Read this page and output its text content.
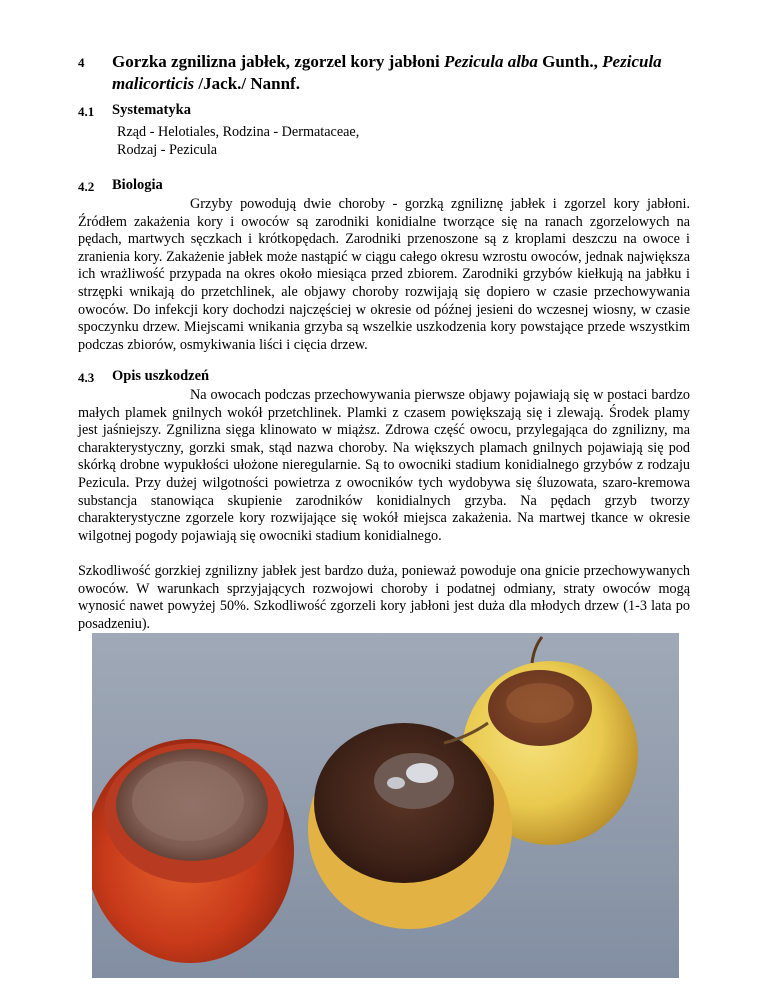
4 Gorzka zgnilizna jabłek, zgorzel kory jabłoni Pezicula alba Gunth., Pezicula malicorticis /Jack./ Nannf.
4.1 Systematyka
Rząd - Helotiales, Rodzina - Dermataceae,
Rodzaj - Pezicula
4.2 Biologia
Grzyby powodują dwie choroby - gorzką zgniliznę jabłek i zgorzel kory jabłoni. Źródłem zakażenia kory i owoców są zarodniki konidialne tworzące się na ranach zgorzelowych na pędach, martwych sęczkach i krótkopędach. Zarodniki przenoszone są z kroplami deszczu na owoce i zranienia kory. Zakażenie jabłek może nastąpić w ciągu całego okresu wzrostu owoców, jednak największa ich wrażliwość przypada na okres około miesiąca przed zbiorem. Zarodniki grzybów kiełkują na jabłku i strzępki wnikają do przetchlinek, ale objawy choroby rozwijają się dopiero w czasie przechowywania owoców. Do infekcji kory dochodzi najczęściej w okresie od późnej jesieni do wczesnej wiosny, w czasie spoczynku drzew. Miejscami wnikania grzyba są wszelkie uszkodzenia kory powstające przede wszystkim podczas zbiorów, osmykiwania liści i cięcia drzew.
4.3 Opis uszkodzeń
Na owocach podczas przechowywania pierwsze objawy pojawiają się w postaci bardzo małych plamek gnilnych wokół przetchlinek. Plamki z czasem powiększają się i zlewają. Środek plamy jest jaśniejszy. Zgnilizna sięga klinowato w miąższ. Zdrowa część owocu, przylegająca do zgnilizny, ma charakterystyczny, gorzki smak, stąd nazwa choroby. Na większych plamach gnilnych pojawiają się pod skórką drobne wypukłości ułożone nieregularnie. Są to owocniki stadium konidialnego grzybów z rodzaju Pezicula. Przy dużej wilgotności powietrza z owocników tych wydobywa się śluzowata, szaro-kremowa substancja stanowiąca skupienie zarodników konidialnych grzyba. Na pędach grzyb tworzy charakterystyczne zgorzele kory rozwijające się wokół miejsca zakażenia. Na martwej tkance w okresie wilgotnej pogody pojawiają się owocniki stadium konidialnego.
Szkodliwość gorzkiej zgnilizny jabłek jest bardzo duża, ponieważ powoduje ona gnicie przechowywanych owoców. W warunkach sprzyjających rozwojowi choroby i podatnej odmiany, straty owoców mogą wynosić nawet powyżej 50%. Szkodliwość zgorzeli kory jabłoni jest duża dla młodych drzew (1-3 lata po posadzeniu).
